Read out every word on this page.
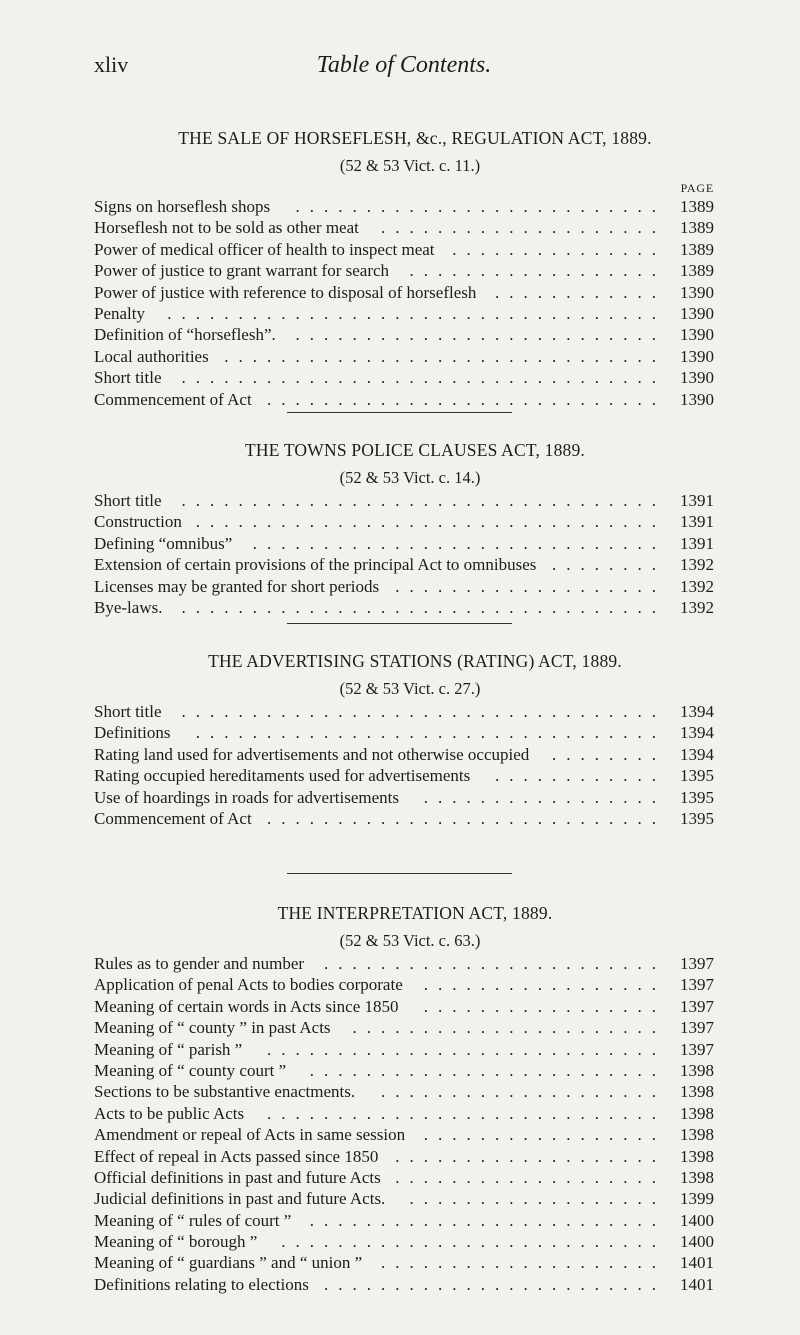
xliv	Table of Contents.
THE SALE OF HORSEFLESH, &c., REGULATION ACT, 1889.
(52 & 53 Vict. c. 11.)
PAGE
Signs on horseflesh shops .......................... 1389
Horseflesh not to be sold as other meat .................... 1389
Power of medical officer of health to inspect meat ............... 1389
Power of justice to grant warrant for search .................. 1389
Power of justice with reference to disposal of horseflesh ............ 1390
Penalty ................................... 1390
Definition of “horseflesh”. .......................... 1390
Local authorities ............................... 1390
Short title .................................. 1390
Commencement of Act ............................ 1390
THE TOWNS POLICE CLAUSES ACT, 1889.
(52 & 53 Vict. c. 14.)
Short title .................................. 1391
Construction ................................. 1391
Defining “omnibus” ............................. 1391
Extension of certain provisions of the principal Act to omnibuses ........ 1392
Licenses may be granted for short periods ................... 1392
Bye-laws. .................................. 1392
THE ADVERTISING STATIONS (RATING) ACT, 1889.
(52 & 53 Vict. c. 27.)
Short title .................................. 1394
Definitions ................................. 1394
Rating land used for advertisements and not otherwise occupied ........ 1394
Rating occupied hereditaments used for advertisements ............ 1395
Use of hoardings in roads for advertisements ................. 1395
Commencement of Act ............................ 1395
THE INTERPRETATION ACT, 1889.
(52 & 53 Vict. c. 63.)
Rules as to gender and number ........................ 1397
Application of penal Acts to bodies corporate ................. 1397
Meaning of certain words in Acts since 1850 ................. 1397
Meaning of “ county ” in past Acts ...................... 1397
Meaning of “ parish ” ............................ 1397
Meaning of “ county court ” ......................... 1398
Sections to be substantive enactments. .................... 1398
Acts to be public Acts ............................ 1398
Amendment or repeal of Acts in same session ................. 1398
Effect of repeal in Acts passed since 1850 ................... 1398
Official definitions in past and future Acts ................... 1398
Judicial definitions in past and future Acts. .................. 1399
Meaning of “ rules of court ” ......................... 1400
Meaning of “ borough ” ........................... 1400
Meaning of “ guardians ” and “ union ” .................... 1401
Definitions relating to elections ........................ 1401
